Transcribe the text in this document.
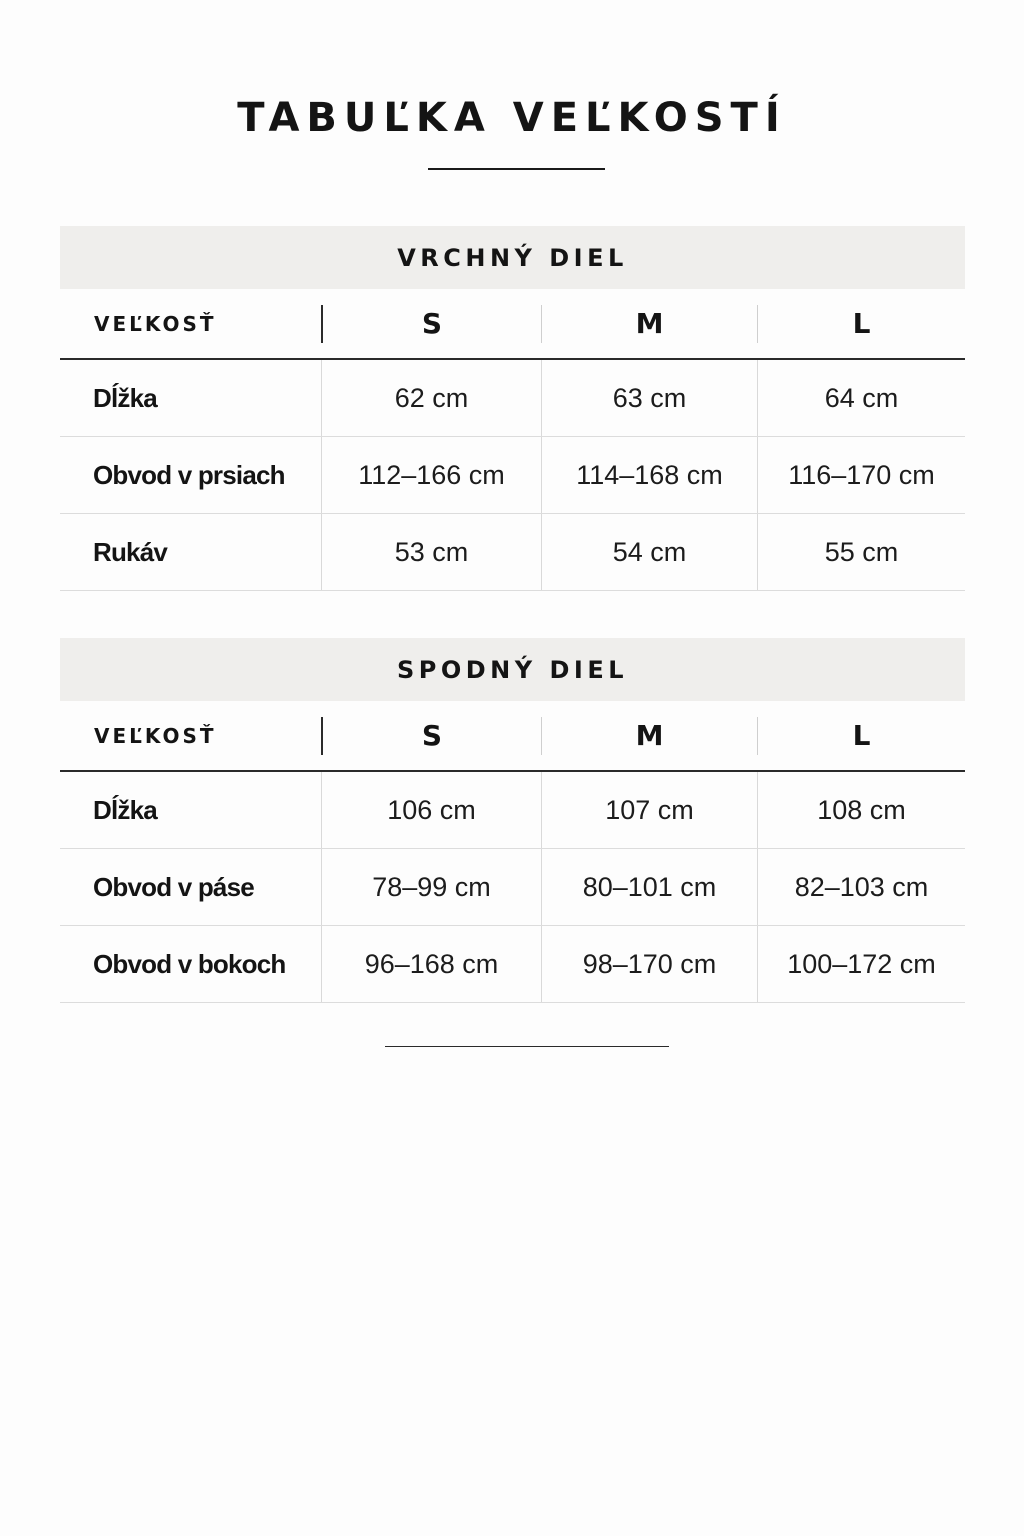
TABUĽKA VEĽKOSTÍ
VRCHNÝ DIEL
VEĽKOSŤ	S	M	L
Dĺžka	62 cm	63 cm	64 cm
Obvod v prsiach	112–166 cm	114–168 cm	116–170 cm
Rukáv	53 cm	54 cm	55 cm
SPODNÝ DIEL
VEĽKOSŤ	S	M	L
Dĺžka	106 cm	107 cm	108 cm
Obvod v páse	78–99 cm	80–101 cm	82–103 cm
Obvod v bokoch	96–168 cm	98–170 cm	100–172 cm
